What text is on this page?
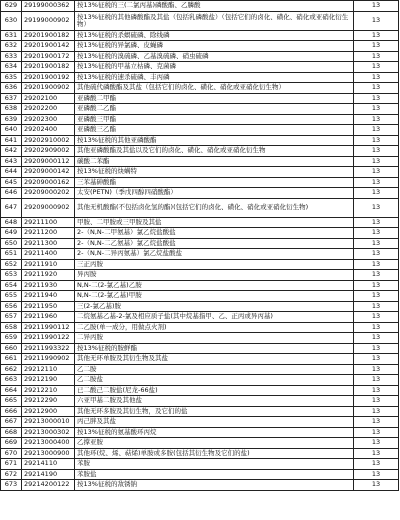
629	29199000362	按13%征税的三(二氯丙基)磷酸酯、乙膦酸	13
630	29199000902	按13%征税的其他磷酸酯及其盐（包括乳磷酸盐）（包括它们的卤化、磺化、硝化或亚硝化衍生物）	13
631	29201900182	按13%征税的杀螟硫磷、除线磷	13
632	29201900142	按13%征税的异氯磷、皮蝇磷	13
633	29201900172	按13%征税的溴硫磷、乙基溴硫磷、硝虫硫磷	13
634	29201900182	按13%征税的甲基立枯磷、克菌磷	13
635	29201900192	按13%征税的速杀硫磷、丰丙磷	13
636	29201900902	其他硫代磷酸酯及其盐（包括它们的卤化、磺化、硝化或亚硝化衍生物）	13
637	29202100	亚磷酸二甲酯	13
638	29202200	亚磷酸二乙酯	13
639	29202300	亚磷酸三甲酯	13
640	29202400	亚磷酸三乙酯	13
641	29202910002	按13%征税的其他亚磷酸酯	13
642	29202909002	其他亚磷酸酯及其盐以及它们的卤化、磺化、硝化或亚硝化衍生物	13
643	29209000112	碳酸二苯酯	13
644	29209000142	按13%征税的炔螨特	13
645	29209000162	三苯基砷酸酯	13
646	29209000202	太安(PETN)（季戊四醇四硝酸酯）	13
647	29209000902	其他无机酸酯(不包括卤化氢的酯)(包括它们的卤化、磺化、硝化或亚硝化衍生物)	13
648	29211100	甲胺、二甲胺或三甲胺及其盐	13
649	29211200	2-（N,N-二甲氨基）氯乙烷盐酸盐	13
650	29211300	2-（N,N-二乙氨基）氯乙烷盐酸盐	13
651	29211400	2-（N,N-二异丙氨基）氯乙烷盐酸盐	13
652	29211910	三正丙胺	13
653	29211920	异丙胺	13
654	29211930	N,N-二(2-氯乙基)乙胺	13
655	29211940	N,N-二(2-氯乙基)甲胺	13
656	29211950	三(2-氯乙基)胺	13
657	29211960	二烷氨基乙基-2-氯及相应质子盐(其中烷基指甲、乙、正丙或异丙基)	13
658	29211990112	二乙胺(单一成分，用做点火剂)	13
659	29211990122	二异丙胺	13
660	29211993322	按13%征税的胺鲜酯	13
661	29211990902	其他无环单胺及其衍生物及其盐	13
662	29212110	乙二胺	13
663	29212190	乙二胺盐	13
664	29212210	已二酸己二胺盐(尼龙-66盐)	13
665	29212290	六亚甲基二胺及其他盐	13
666	29212900	其他无环多胺及其衍生物，及它们的盐	13
667	29213000010	丙己胖及其盐	13
668	29213000302	按13%征税的氨基酸环丙烷	13
669	29213000400	乙撑亚胺	13
670	29213000900	其他环(烷、烯、萜烯)单胺或多胺(包括其衍生物及它们的盐)	13
671	29214110	苯胺	13
672	29214190	苯胺盐	13
673	29214200122	按13%征税的敌锈钠	13
